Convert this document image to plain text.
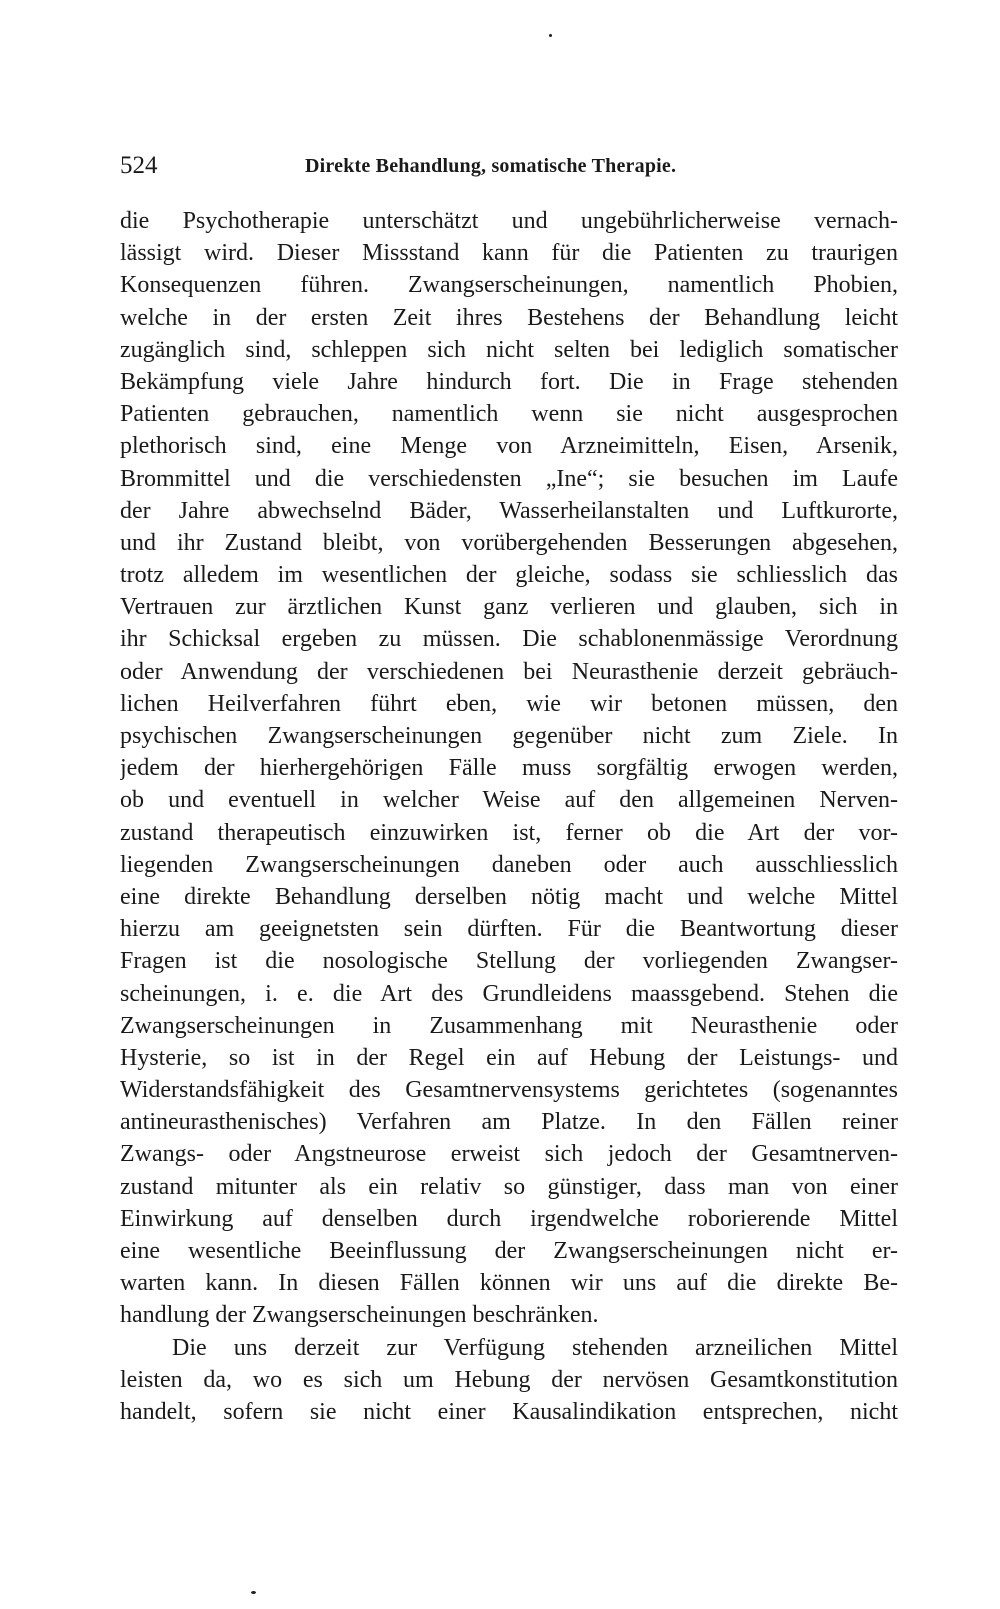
524	Direkte Behandlung, somatische Therapie.
die Psychotherapie unterschätzt und ungebührlicherweise vernach-
lässigt wird. Dieser Missstand kann für die Patienten zu traurigen
Konsequenzen führen. Zwangserscheinungen, namentlich Phobien,
welche in der ersten Zeit ihres Bestehens der Behandlung leicht
zugänglich sind, schleppen sich nicht selten bei lediglich somatischer
Bekämpfung viele Jahre hindurch fort. Die in Frage stehenden
Patienten gebrauchen, namentlich wenn sie nicht ausgesprochen
plethorisch sind, eine Menge von Arzneimitteln, Eisen, Arsenik,
Brommittel und die verschiedensten „Ine“; sie besuchen im Laufe
der Jahre abwechselnd Bäder, Wasserheilanstalten und Luftkurorte,
und ihr Zustand bleibt, von vorübergehenden Besserungen abgesehen,
trotz alledem im wesentlichen der gleiche, sodass sie schliesslich das
Vertrauen zur ärztlichen Kunst ganz verlieren und glauben, sich in
ihr Schicksal ergeben zu müssen. Die schablonenmässige Verordnung
oder Anwendung der verschiedenen bei Neurasthenie derzeit gebräuch-
lichen Heilverfahren führt eben, wie wir betonen müssen, den
psychischen Zwangserscheinungen gegenüber nicht zum Ziele. In
jedem der hierhergehörigen Fälle muss sorgfältig erwogen werden,
ob und eventuell in welcher Weise auf den allgemeinen Nerven-
zustand therapeutisch einzuwirken ist, ferner ob die Art der vor-
liegenden Zwangserscheinungen daneben oder auch ausschliesslich
eine direkte Behandlung derselben nötig macht und welche Mittel
hierzu am geeignetsten sein dürften. Für die Beantwortung dieser
Fragen ist die nosologische Stellung der vorliegenden Zwangser-
scheinungen, i. e. die Art des Grundleidens maassgebend. Stehen die
Zwangserscheinungen in Zusammenhang mit Neurasthenie oder
Hysterie, so ist in der Regel ein auf Hebung der Leistungs- und
Widerstandsfähigkeit des Gesamtnervensystems gerichtetes (sogenanntes
antineurasthenisches) Verfahren am Platze. In den Fällen reiner
Zwangs- oder Angstneurose erweist sich jedoch der Gesamtnerven-
zustand mitunter als ein relativ so günstiger, dass man von einer
Einwirkung auf denselben durch irgendwelche roborierende Mittel
eine wesentliche Beeinflussung der Zwangserscheinungen nicht er-
warten kann. In diesen Fällen können wir uns auf die direkte Be-
handlung der Zwangserscheinungen beschränken.
Die uns derzeit zur Verfügung stehenden arzneilichen Mittel
leisten da, wo es sich um Hebung der nervösen Gesamtkonstitution
handelt, sofern sie nicht einer Kausalindikation entsprechen, nicht
